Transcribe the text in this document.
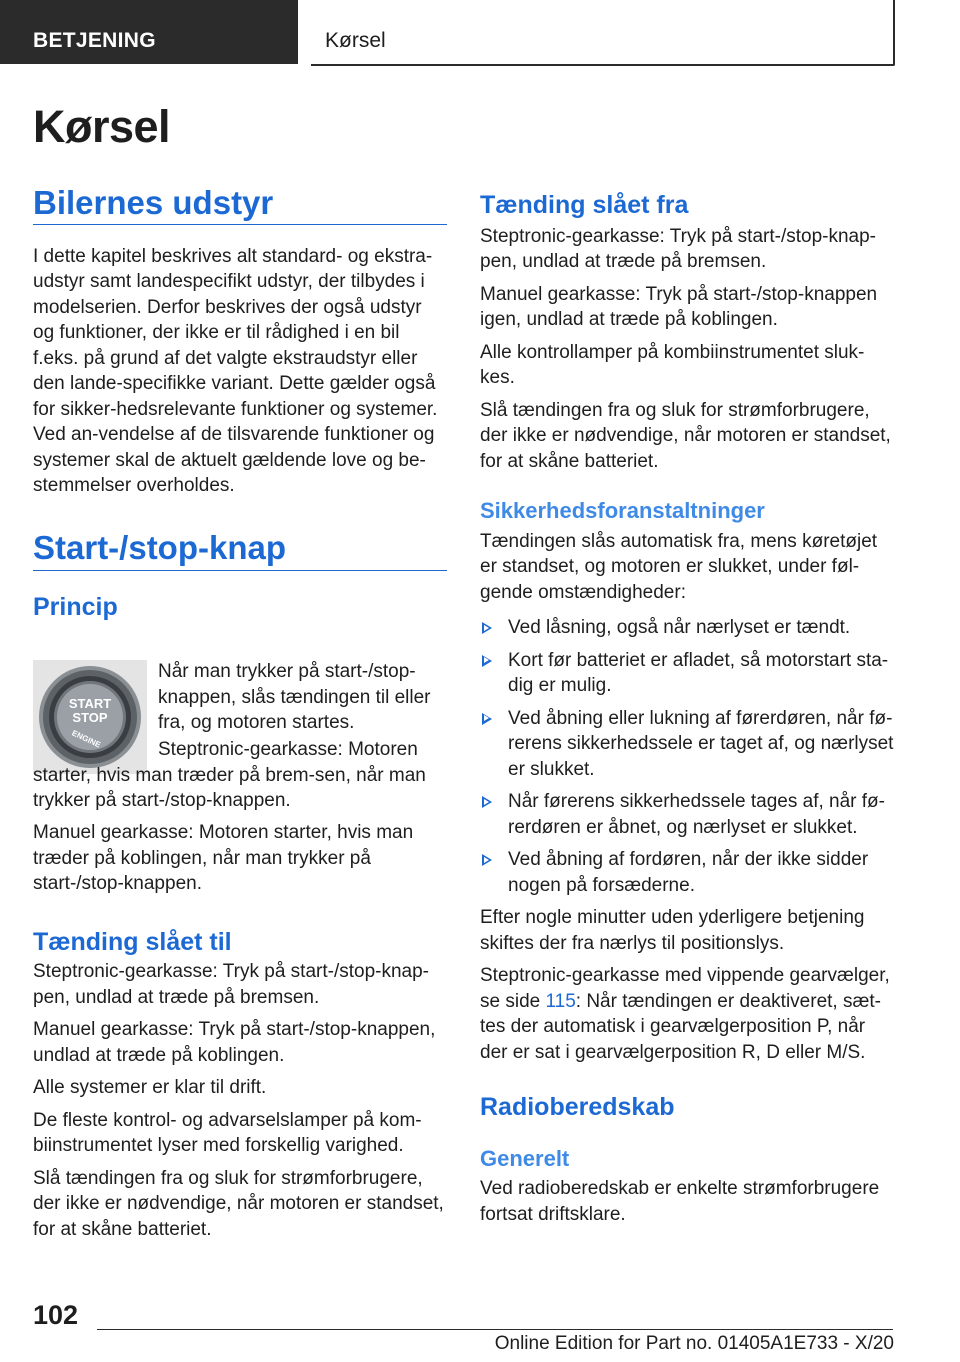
BETJENING	Kørsel
Kørsel
Bilernes udstyr

I dette kapitel beskrives alt standard- og ekstra-udstyr samt landespecifikt udstyr, der tilbydes i modelserien. Derfor beskrives der også udstyr og funktioner, der ikke er til rådighed i en bil f.eks. på grund af det valgte ekstraudstyr eller den lande-specifikke variant. Dette gælder også for sikker-hedsrelevante funktioner og systemer. Ved an-vendelse af de tilsvarende funktioner og systemer skal de aktuelt gældende love og be-stemmelser overholdes.

Start-/stop-knap
Princip
START
STOP
ENGINE

Når man trykker på start-/stop-knappen, slås tændingen til eller fra, og motoren startes.

Steptronic-gearkasse: Motoren starter, hvis man træder på brem-sen, når man trykker på start-/stop-knappen.

Manuel gearkasse: Motoren starter, hvis man træder på koblingen, når man trykker på start-/stop-knappen.

Tænding slået til

Steptronic-gearkasse: Tryk på start-/stop-knap-pen, undlad at træde på bremsen.

Manuel gearkasse: Tryk på start-/stop-knappen, undlad at træde på koblingen.

Alle systemer er klar til drift.

De fleste kontrol- og advarselslamper på kom-biinstrumentet lyser med forskellig varighed.

Slå tændingen fra og sluk for strømforbrugere, der ikke er nødvendige, når motoren er standset, for at skåne batteriet.

Tænding slået fra

Steptronic-gearkasse: Tryk på start-/stop-knap-pen, undlad at træde på bremsen.

Manuel gearkasse: Tryk på start-/stop-knappen igen, undlad at træde på koblingen.

Alle kontrollamper på kombiinstrumentet sluk-kes.

Slå tændingen fra og sluk for strømforbrugere, der ikke er nødvendige, når motoren er standset, for at skåne batteriet.

Sikkerhedsforanstaltninger

Tændingen slås automatisk fra, mens køretøjet er standset, og motoren er slukket, under føl-gende omstændigheder:

Ved låsning, også når nærlyset er tændt.
Kort før batteriet er afladet, så motorstart sta-dig er mulig.
Ved åbning eller lukning af førerdøren, når fø-rerens sikkerhedssele er taget af, og nærlyset er slukket.
Når førerens sikkerhedssele tages af, når fø-rerdøren er åbnet, og nærlyset er slukket.
Ved åbning af fordøren, når der ikke sidder nogen på forsæderne.

Efter nogle minutter uden yderligere betjening skiftes der fra nærlys til positionslys.

Steptronic-gearkasse med vippende gearvælger, se side 115: Når tændingen er deaktiveret, sæt-tes der automatisk i gearvælgerposition P, når der er sat i gearvælgerposition R, D eller M/S.

Radioberedskab
Generelt

Ved radioberedskab er enkelte strømforbrugere fortsat driftsklare.

102
Online Edition for Part no. 01405A1E733 - X/20
